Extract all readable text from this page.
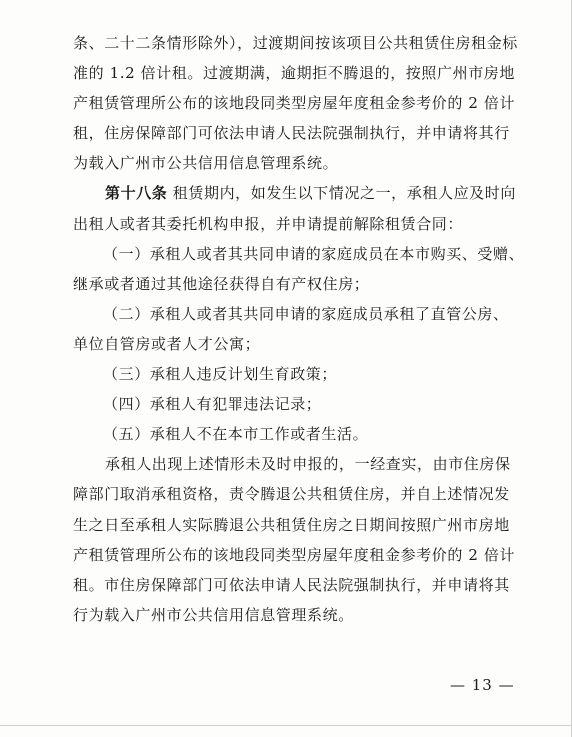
条、二十二条情形除外），过渡期间按该项目公共租赁住房租金标
准的 1.2 倍计租。过渡期满，逾期拒不腾退的，按照广州市房地
产租赁管理所公布的该地段同类型房屋年度租金参考价的 2 倍计
租，住房保障部门可依法申请人民法院强制执行，并申请将其行
为载入广州市公共信用信息管理系统。
第十八条 租赁期内，如发生以下情况之一，承租人应及时向
出租人或者其委托机构申报，并申请提前解除租赁合同：
（一）承租人或者其共同申请的家庭成员在本市购买、受赠、
继承或者通过其他途径获得自有产权住房；
（二）承租人或者其共同申请的家庭成员承租了直管公房、
单位自管房或者人才公寓；
（三）承租人违反计划生育政策；
（四）承租人有犯罪违法记录；
（五）承租人不在本市工作或者生活。
承租人出现上述情形未及时申报的，一经查实，由市住房保
障部门取消承租资格，责令腾退公共租赁住房，并自上述情况发
生之日至承租人实际腾退公共租赁住房之日期间按照广州市房地
产租赁管理所公布的该地段同类型房屋年度租金参考价的 2 倍计
租。市住房保障部门可依法申请人民法院强制执行，并申请将其
行为载入广州市公共信用信息管理系统。
— 13 —
